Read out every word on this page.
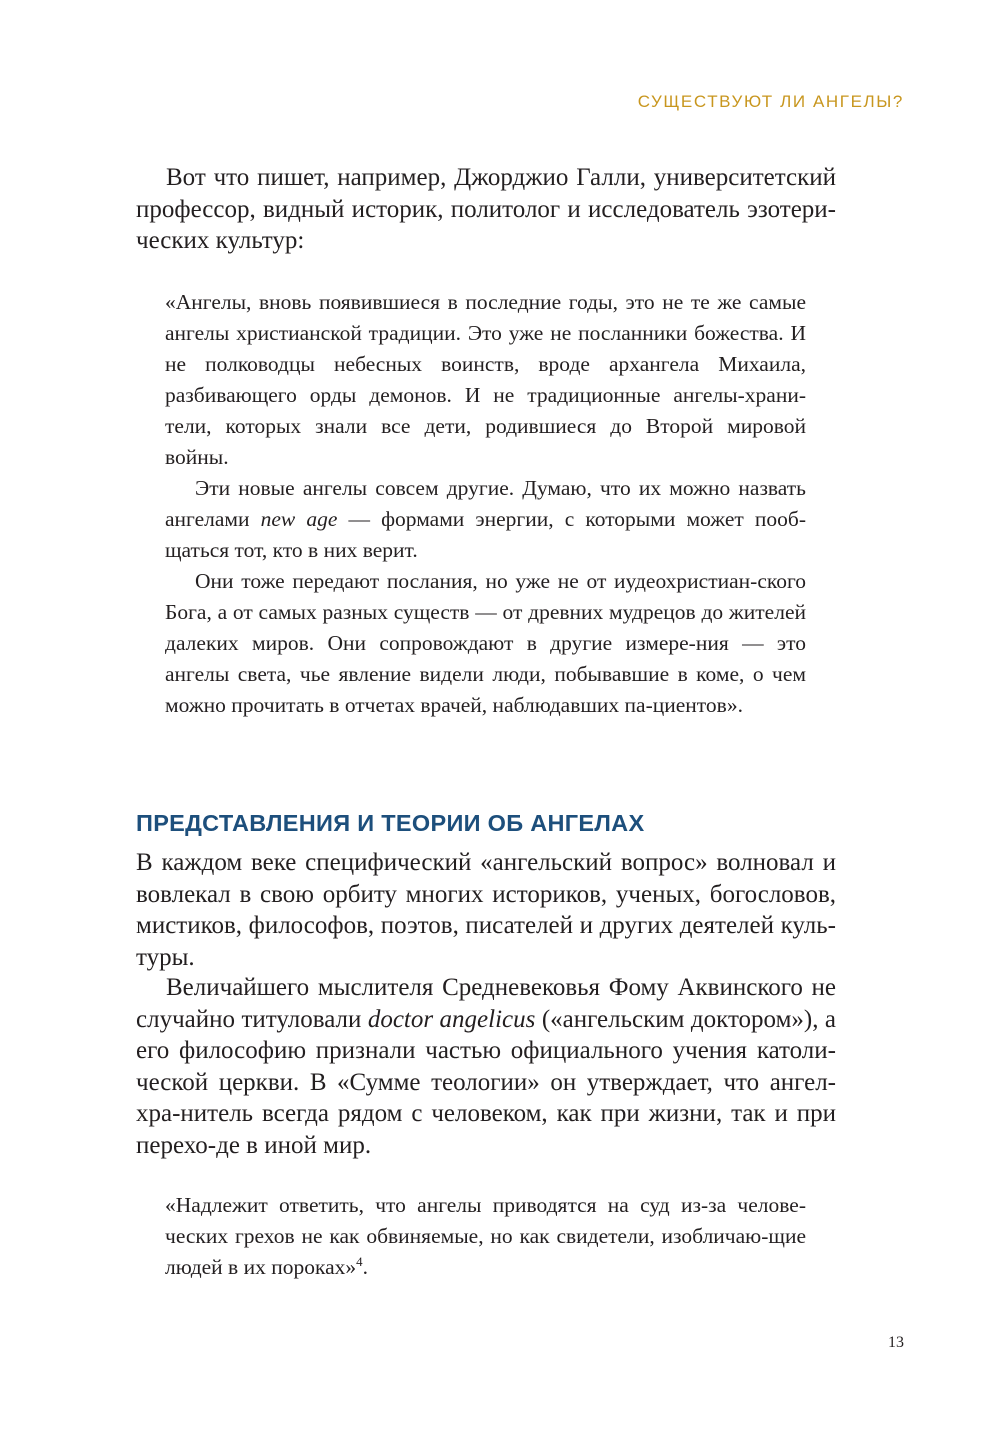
СУЩЕСТВУЮТ ЛИ АНГЕЛЫ?

Вот что пишет, например, Джорджио Галли, университетский профессор, видный историк, политолог и исследователь эзотери-ческих культур:

«Ангелы, вновь появившиеся в последние годы, это не те же самые ангелы христианской традиции. Это уже не посланники божества. И не полководцы небесных воинств, вроде архангела Михаила, разбивающего орды демонов. И не традиционные ангелы-храни-тели, которых знали все дети, родившиеся до Второй мировой войны.

Эти новые ангелы совсем другие. Думаю, что их можно назвать ангелами new age — формами энергии, с которыми может пооб-щаться тот, кто в них верит.

Они тоже передают послания, но уже не от иудеохристиан-ского Бога, а от самых разных существ — от древних мудрецов до жителей далеких миров. Они сопровождают в другие измере-ния — это ангелы света, чье явление видели люди, побывавшие в коме, о чем можно прочитать в отчетах врачей, наблюдавших па-циентов».

ПРЕДСТАВЛЕНИЯ И ТЕОРИИ ОБ АНГЕЛАХ

В каждом веке специфический «ангельский вопрос» волновал и вовлекал в свою орбиту многих историков, ученых, богословов, мистиков, философов, поэтов, писателей и других деятелей куль-туры.

Величайшего мыслителя Средневековья Фому Аквинского не случайно титуловали doctor angelicus («ангельским доктором»), а его философию признали частью официального учения католи-ческой церкви. В «Сумме теологии» он утверждает, что ангел-хра-нитель всегда рядом с человеком, как при жизни, так и при перехо-де в иной мир.

«Надлежит ответить, что ангелы приводятся на суд из-за челове-ческих грехов не как обвиняемые, но как свидетели, изобличаю-щие людей в их пороках»$^4$.

13
